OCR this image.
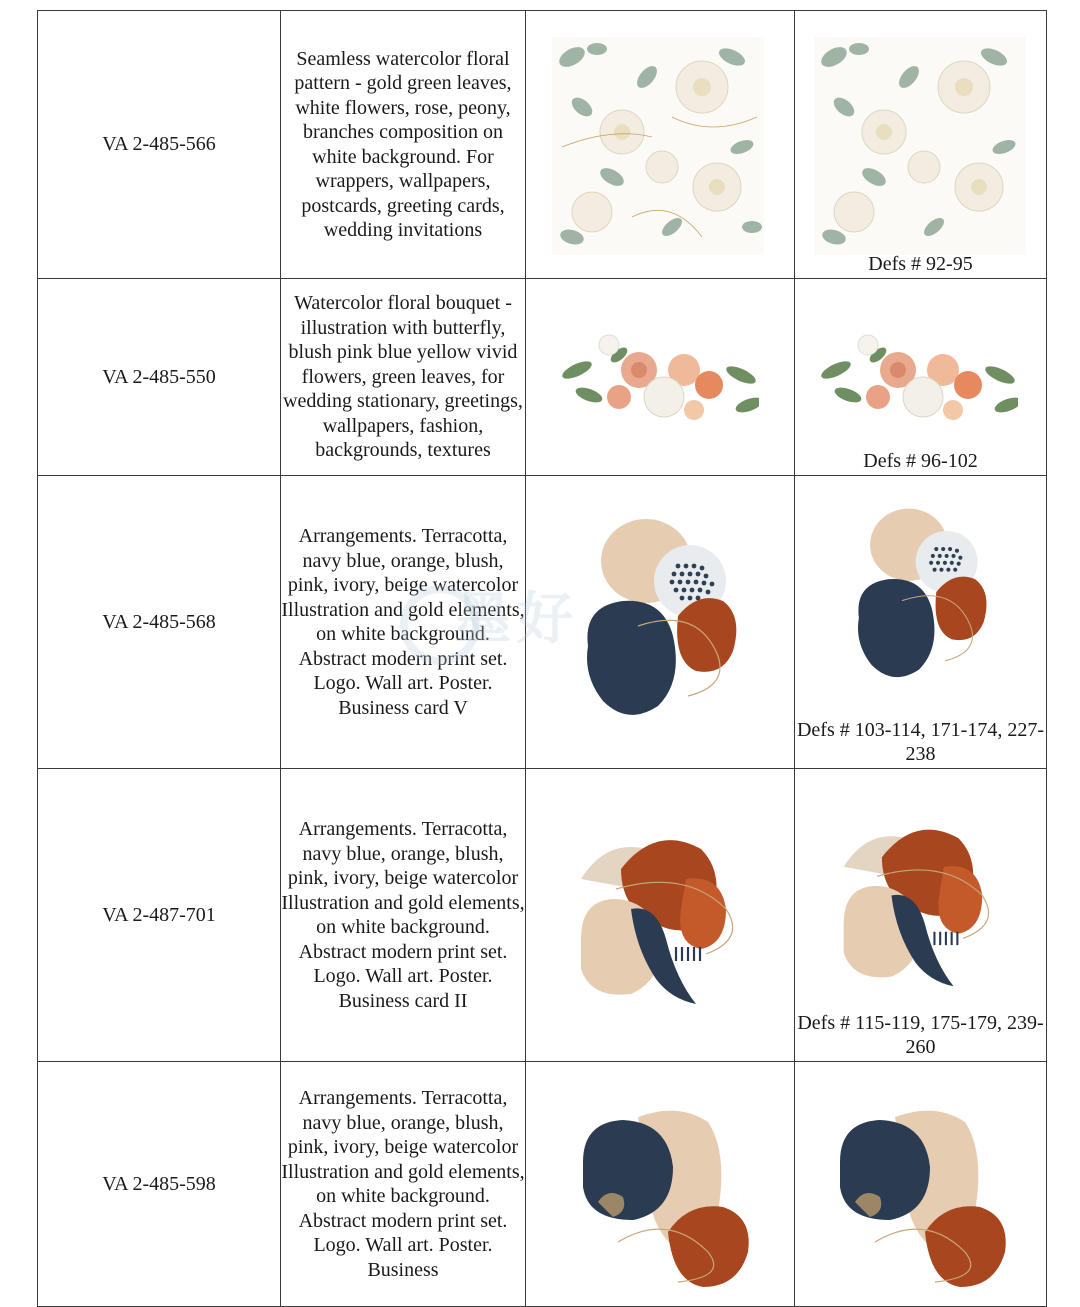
VA 2-485-566	Seamless watercolor floral pattern - gold green leaves, white flowers, rose, peony, branches composition on white background. For wrappers, wallpapers, postcards, greeting cards, wedding invitations		Defs # 92-95

VA 2-485-550	Watercolor floral bouquet - illustration with butterfly, blush pink blue yellow vivid flowers, green leaves, for wedding stationary, greetings, wallpapers, fashion, backgrounds, textures		Defs # 96-102

VA 2-485-568	Arrangements. Terracotta, navy blue, orange, blush, pink, ivory, beige watercolor Illustration and gold elements, on white background. Abstract modern print set. Logo. Wall art. Poster. Business card V		Defs # 103-114, 171-174, 227-238

VA 2-487-701	Arrangements. Terracotta, navy blue, orange, blush, pink, ivory, beige watercolor Illustration and gold elements, on white background. Abstract modern print set. Logo. Wall art. Poster. Business card II		Defs # 115-119, 175-179, 239-260

VA 2-485-598	Arrangements. Terracotta, navy blue, orange, blush, pink, ivory, beige watercolor Illustration and gold elements, on white background. Abstract modern print set. Logo. Wall art. Poster. Business	

墨好
